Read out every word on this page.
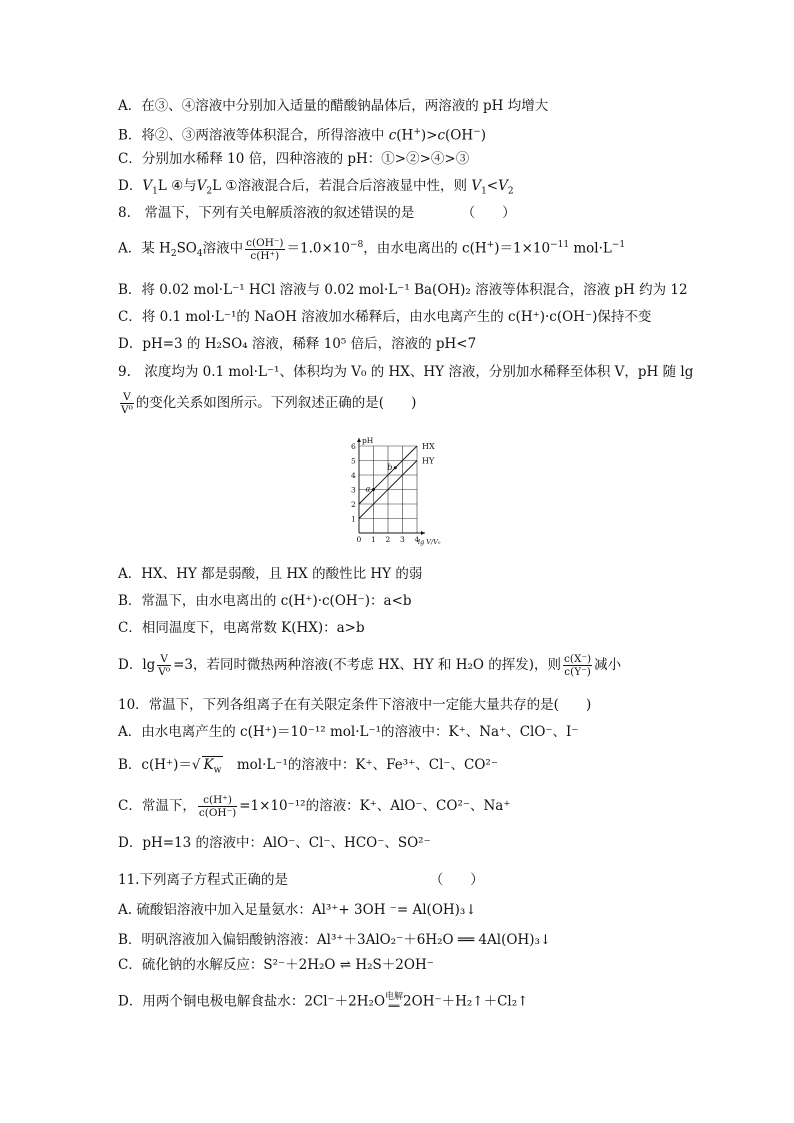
A．在③、④溶液中分别加入适量的醋酸钠晶体后，两溶液的 pH 均增大
B．将②、③两溶液等体积混合，所得溶液中 c(H+)>c(OH−)
C．分别加水稀释 10 倍，四种溶液的 pH：①>②>④>③
D．$V_1L$ ④与$V_2L$ ①溶液混合后，若混合后溶液显中性，则 $V_1<V_2$
8.　常温下，下列有关电解质溶液的叙述错误的是　　　　（　　）
A．某 $H_2SO_4$溶液中 $\frac{c(OH^-)}{c(H^+)} =1.0\times 10^{-8}$，由水电离出的 $c(H^+)=1\times 10^{-11}$ $mol\cdot L^{-1}$
B．将 0.02 mol·L⁻¹ HCl 溶液与 0.02 mol·L⁻¹ Ba(OH)₂ 溶液等体积混合，溶液 pH 约为 12
C．将 0.1 mol·L⁻¹的 NaOH 溶液加水稀释后，由水电离产生的 c(H⁺)·c(OH⁻)保持不变
D．pH=3 的 H₂SO₄ 溶液，稀释 10⁵ 倍后，溶液的 pH<7
9.　浓度均为 0.1 mol·L⁻¹、体积均为 V₀ 的 HX、HY 溶液，分别加水稀释至体积 V，pH 随 lg
$\frac{V}{\text{V⁰}}$ 的变化关系如图所示。下列叙述正确的是(　　)
0 1 2 3 4
1
2
3
4
5
6
pH
lg V/V₀
HX
HY
a
b
A．HX、HY 都是弱酸，且 HX 的酸性比 HY 的弱
B．常温下，由水电离出的 c(H⁺)·c(OH⁻)：a<b
C．相同温度下，电离常数 K(HX)：a>b
D．$\lg \frac{V}{\text{V⁰}} =3$，若同时微热两种溶液(不考虑 HX、HY 和 H₂O 的挥发)，则 $\frac{c(X^-)}{c(Y^-)}$ 减小
10．常温下，下列各组离子在有关限定条件下溶液中一定能大量共存的是(　　)
A．由水电离产生的 c(H⁺)＝10⁻¹² mol·L⁻¹的溶液中：K⁺、Na⁺、ClO⁻、I⁻
B．c(H⁺)＝√ $K_w$　mol·L⁻¹的溶液中：K⁺、Fe³⁺、Cl⁻、CO²⁻
C．常温下， $\frac{c(H^+)}{c(OH^-)} =1\times 10^{-12}$的溶液：K⁺、AlO⁻、CO²⁻、Na⁺
D．pH=13 的溶液中：AlO⁻、Cl⁻、HCO⁻、SO²⁻
11.下列离子方程式正确的是　　　　　　　　　　　（　　）
A. 硫酸铝溶液中加入足量氨水：Al³⁺+ 3OH ⁻= Al(OH)₃↓
B．明矾溶液加入偏铝酸钠溶液：Al³⁺＋3AlO₂⁻＋6H₂O ══ 4Al(OH)₃↓
C．硫化钠的水解反应：S²⁻＋2H₂O ⇌ H₂S＋2OH⁻
D．用两个铜电极电解食盐水：2Cl⁻＋2H₂O 电解
══ 2OH⁻＋H₂↑＋Cl₂↑
